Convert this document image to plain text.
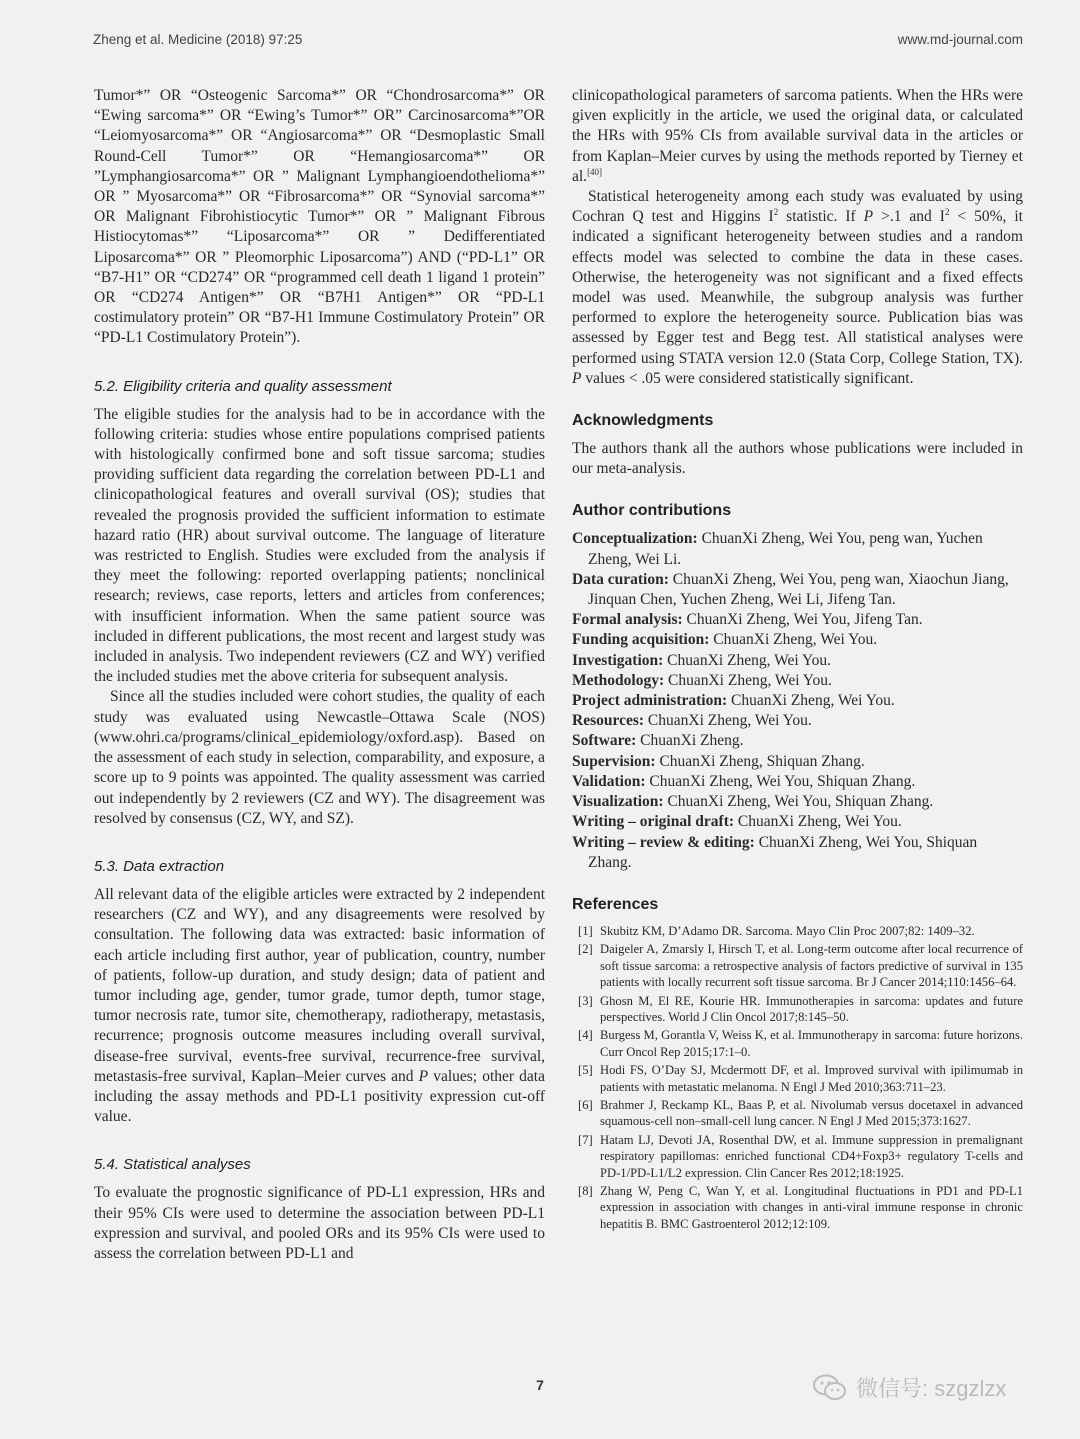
Zheng et al. Medicine (2018) 97:25	www.md-journal.com

Tumor*” OR “Osteogenic Sarcoma*” OR “Chondrosarcoma*” OR “Ewing sarcoma*” OR “Ewing’s Tumor*” OR” Carcinosarcoma*”OR “Leiomyosarcoma*” OR “Angiosarcoma*” OR “Desmoplastic Small Round-Cell Tumor*” OR “Hemangiosarcoma*” OR ”Lymphangiosarcoma*” OR ” Malignant Lymphangioendothelioma*” OR ” Myosarcoma*” OR “Fibrosarcoma*” OR “Synovial sarcoma*” OR Malignant Fibrohistiocytic Tumor*” OR ” Malignant Fibrous Histiocytomas*” “Liposarcoma*” OR ” Dedifferentiated Liposarcoma*” OR ” Pleomorphic Liposarcoma”) AND (“PD-L1” OR “B7-H1” OR “CD274” OR “programmed cell death 1 ligand 1 protein” OR “CD274 Antigen*” OR “B7H1 Antigen*” OR “PD-L1 costimulatory protein” OR “B7-H1 Immune Costimulatory Protein” OR “PD-L1 Costimulatory Protein”).

5.2. Eligibility criteria and quality assessment

The eligible studies for the analysis had to be in accordance with the following criteria: studies whose entire populations comprised patients with histologically confirmed bone and soft tissue sarcoma; studies providing sufficient data regarding the correlation between PD-L1 and clinicopathological features and overall survival (OS); studies that revealed the prognosis provided the sufficient information to estimate hazard ratio (HR) about survival outcome. The language of literature was restricted to English. Studies were excluded from the analysis if they meet the following: reported overlapping patients; nonclinical research; reviews, case reports, letters and articles from conferences; with insufficient information. When the same patient source was included in different publications, the most recent and largest study was included in analysis. Two independent reviewers (CZ and WY) verified the included studies met the above criteria for subsequent analysis.

Since all the studies included were cohort studies, the quality of each study was evaluated using Newcastle–Ottawa Scale (NOS) (www.ohri.ca/programs/clinical_epidemiology/oxford.asp). Based on the assessment of each study in selection, comparability, and exposure, a score up to 9 points was appointed. The quality assessment was carried out independently by 2 reviewers (CZ and WY). The disagreement was resolved by consensus (CZ, WY, and SZ).

5.3. Data extraction

All relevant data of the eligible articles were extracted by 2 independent researchers (CZ and WY), and any disagreements were resolved by consultation. The following data was extracted: basic information of each article including first author, year of publication, country, number of patients, follow-up duration, and study design; data of patient and tumor including age, gender, tumor grade, tumor depth, tumor stage, tumor necrosis rate, tumor site, chemotherapy, radiotherapy, metastasis, recurrence; prognosis outcome measures including overall survival, disease-free survival, events-free survival, recurrence-free survival, metastasis-free survival, Kaplan–Meier curves and P values; other data including the assay methods and PD-L1 positivity expression cut-off value.

5.4. Statistical analyses

To evaluate the prognostic significance of PD-L1 expression, HRs and their 95% CIs were used to determine the association between PD-L1 expression and survival, and pooled ORs and its 95% CIs were used to assess the correlation between PD-L1 and

clinicopathological parameters of sarcoma patients. When the HRs were given explicitly in the article, we used the original data, or calculated the HRs with 95% CIs from available survival data in the articles or from Kaplan–Meier curves by using the methods reported by Tierney et al.[40]

Statistical heterogeneity among each study was evaluated by using Cochran Q test and Higgins $I^2$ statistic. If P >.1 and $I^2 < 50\%$, it indicated a significant heterogeneity between studies and a random effects model was selected to combine the data in these cases. Otherwise, the heterogeneity was not significant and a fixed effects model was used. Meanwhile, the subgroup analysis was further performed to explore the heterogeneity source. Publication bias was assessed by Egger test and Begg test. All statistical analyses were performed using STATA version 12.0 (Stata Corp, College Station, TX). P values < .05 were considered statistically significant.

Acknowledgments

The authors thank all the authors whose publications were included in our meta-analysis.

Author contributions
Conceptualization: ChuanXi Zheng, Wei You, peng wan, Yuchen Zheng, Wei Li.
Data curation: ChuanXi Zheng, Wei You, peng wan, Xiaochun Jiang, Jinquan Chen, Yuchen Zheng, Wei Li, Jifeng Tan.
Formal analysis: ChuanXi Zheng, Wei You, Jifeng Tan.
Funding acquisition: ChuanXi Zheng, Wei You.
Investigation: ChuanXi Zheng, Wei You.
Methodology: ChuanXi Zheng, Wei You.
Project administration: ChuanXi Zheng, Wei You.
Resources: ChuanXi Zheng, Wei You.
Software: ChuanXi Zheng.
Supervision: ChuanXi Zheng, Shiquan Zhang.
Validation: ChuanXi Zheng, Wei You, Shiquan Zhang.
Visualization: ChuanXi Zheng, Wei You, Shiquan Zhang.
Writing – original draft: ChuanXi Zheng, Wei You.
Writing – review & editing: ChuanXi Zheng, Wei You, Shiquan Zhang.
References
[1] Skubitz KM, D’Adamo DR. Sarcoma. Mayo Clin Proc 2007;82: 1409–32.
[2] Daigeler A, Zmarsly I, Hirsch T, et al. Long-term outcome after local recurrence of soft tissue sarcoma: a retrospective analysis of factors predictive of survival in 135 patients with locally recurrent soft tissue sarcoma. Br J Cancer 2014;110:1456–64.
[3] Ghosn M, El RE, Kourie HR. Immunotherapies in sarcoma: updates and future perspectives. World J Clin Oncol 2017;8:145–50.
[4] Burgess M, Gorantla V, Weiss K, et al. Immunotherapy in sarcoma: future horizons. Curr Oncol Rep 2015;17:1–0.
[5] Hodi FS, O’Day SJ, Mcdermott DF, et al. Improved survival with ipilimumab in patients with metastatic melanoma. N Engl J Med 2010;363:711–23.
[6] Brahmer J, Reckamp KL, Baas P, et al. Nivolumab versus docetaxel in advanced squamous-cell non–small-cell lung cancer. N Engl J Med 2015;373:1627.
[7] Hatam LJ, Devoti JA, Rosenthal DW, et al. Immune suppression in premalignant respiratory papillomas: enriched functional CD4+Foxp3+ regulatory T-cells and PD-1/PD-L1/L2 expression. Clin Cancer Res 2012;18:1925.
[8] Zhang W, Peng C, Wan Y, et al. Longitudinal fluctuations in PD1 and PD-L1 expression in association with changes in anti-viral immune response in chronic hepatitis B. BMC Gastroenterol 2012;12:109.
7	微信号: szgzlzx
